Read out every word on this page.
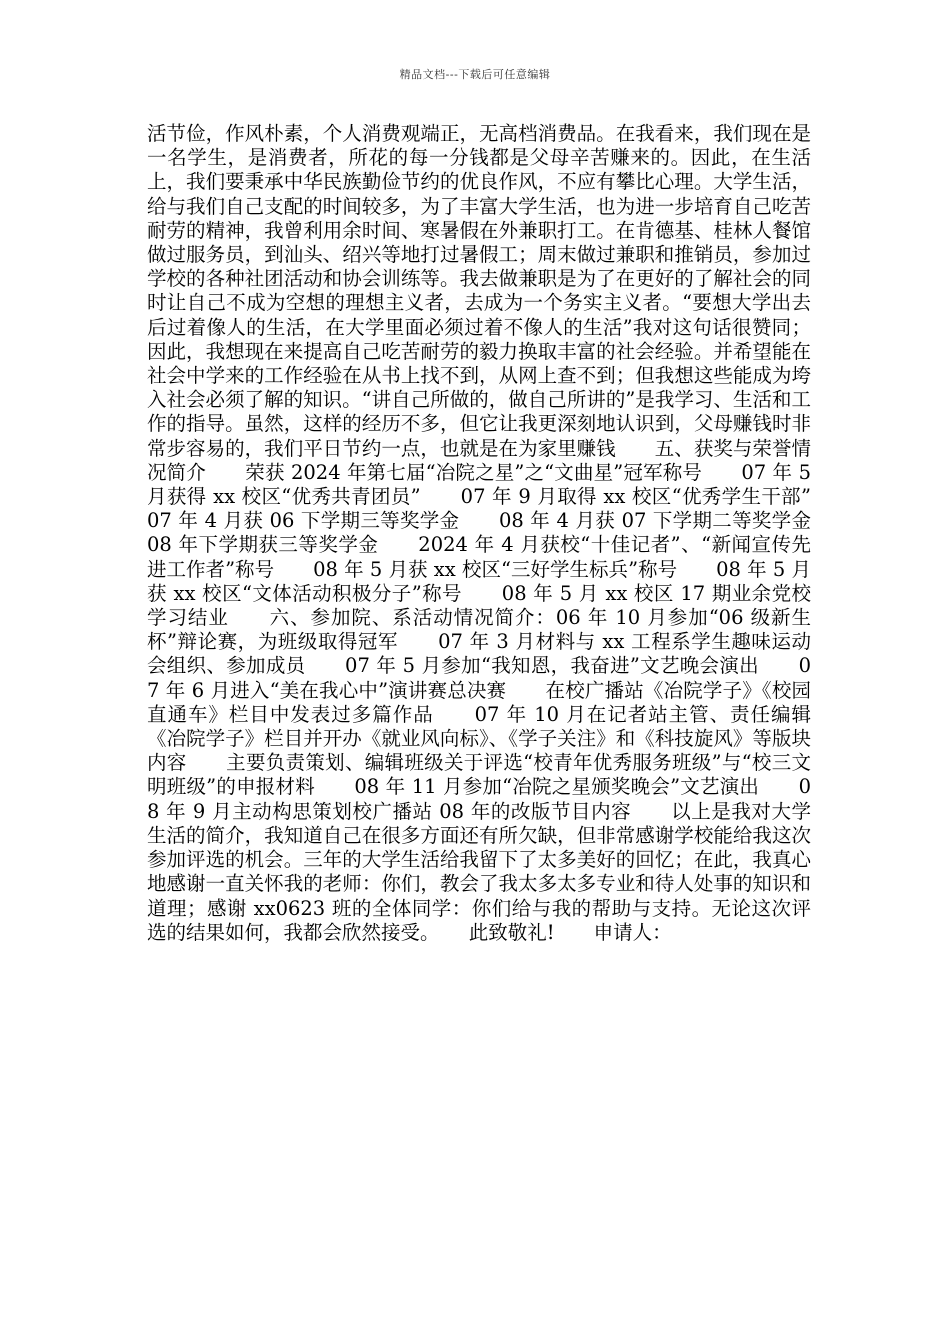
精品文档---下载后可任意编辑

活节俭，作风朴素，个人消费观端正，无高档消费品。在我看来，我们现在是一名学生，是消费者，所花的每一分钱都是父母辛苦赚来的。因此，在生活上，我们要秉承中华民族勤俭节约的优良作风，不应有攀比心理。大学生活，给与我们自己支配的时间较多，为了丰富大学生活，也为进一步培育自己吃苦耐劳的精神，我曾利用余时间、寒暑假在外兼职打工。在肯德基、桂林人餐馆做过服务员，到汕头、绍兴等地打过暑假工；周末做过兼职和推销员，参加过学校的各种社团活动和协会训练等。我去做兼职是为了在更好的了解社会的同时让自己不成为空想的理想主义者，去成为一个务实主义者。“要想大学出去后过着像人的生活，在大学里面必须过着不像人的生活”我对这句话很赞同；因此，我想现在来提高自己吃苦耐劳的毅力换取丰富的社会经验。并希望能在社会中学来的工作经验在从书上找不到，从网上查不到；但我想这些能成为垮入社会必须了解的知识。“讲自己所做的，做自己所讲的”是我学习、生活和工作的指导。虽然，这样的经历不多，但它让我更深刻地认识到，父母赚钱时非常步容易的，我们平日节约一点，也就是在为家里赚钱　　五、获奖与荣誉情况简介　　荣获 2024 年第七届“冶院之星”之“文曲星”冠军称号　　07 年 5 月获得 xx 校区“优秀共青团员”　　07 年 9 月取得 xx 校区“优秀学生干部”　　07 年 4 月获 06 下学期三等奖学金　　08 年 4 月获 07 下学期二等奖学金　　08 年下学期获三等奖学金　　2024 年 4 月获校“十佳记者”、“新闻宣传先进工作者”称号　　08 年 5 月获 xx 校区“三好学生标兵”称号　　08 年 5 月获 xx 校区“文体活动积极分子”称号　　08 年 5 月 xx 校区 17 期业余党校学习结业　　六、参加院、系活动情况简介：06 年 10 月参加“06 级新生杯”辩论赛，为班级取得冠军　　07 年 3 月材料与 xx 工程系学生趣味运动会组织、参加成员　　07 年 5 月参加“我知恩，我奋进”文艺晚会演出　　07 年 6 月进入“美在我心中”演讲赛总决赛　　在校广播站《冶院学子》《校园直通车》栏目中发表过多篇作品　　07 年 10 月在记者站主管、责任编辑《冶院学子》栏目并开办《就业风向标》、《学子关注》和《科技旋风》等版块内容　　主要负责策划、编辑班级关于评选“校青年优秀服务班级”与“校三文明班级”的申报材料　　08 年 11 月参加“冶院之星颁奖晚会”文艺演出　　08 年 9 月主动构思策划校广播站 08 年的改版节目内容　　以上是我对大学生活的简介，我知道自己在很多方面还有所欠缺，但非常感谢学校能给我这次参加评选的机会。三年的大学生活给我留下了太多美好的回忆；在此，我真心地感谢一直关怀我的老师：你们，教会了我太多太多专业和待人处事的知识和道理；感谢 xx0623 班的全体同学：你们给与我的帮助与支持。无论这次评选的结果如何，我都会欣然接受。　　此致敬礼!　　申请人：
